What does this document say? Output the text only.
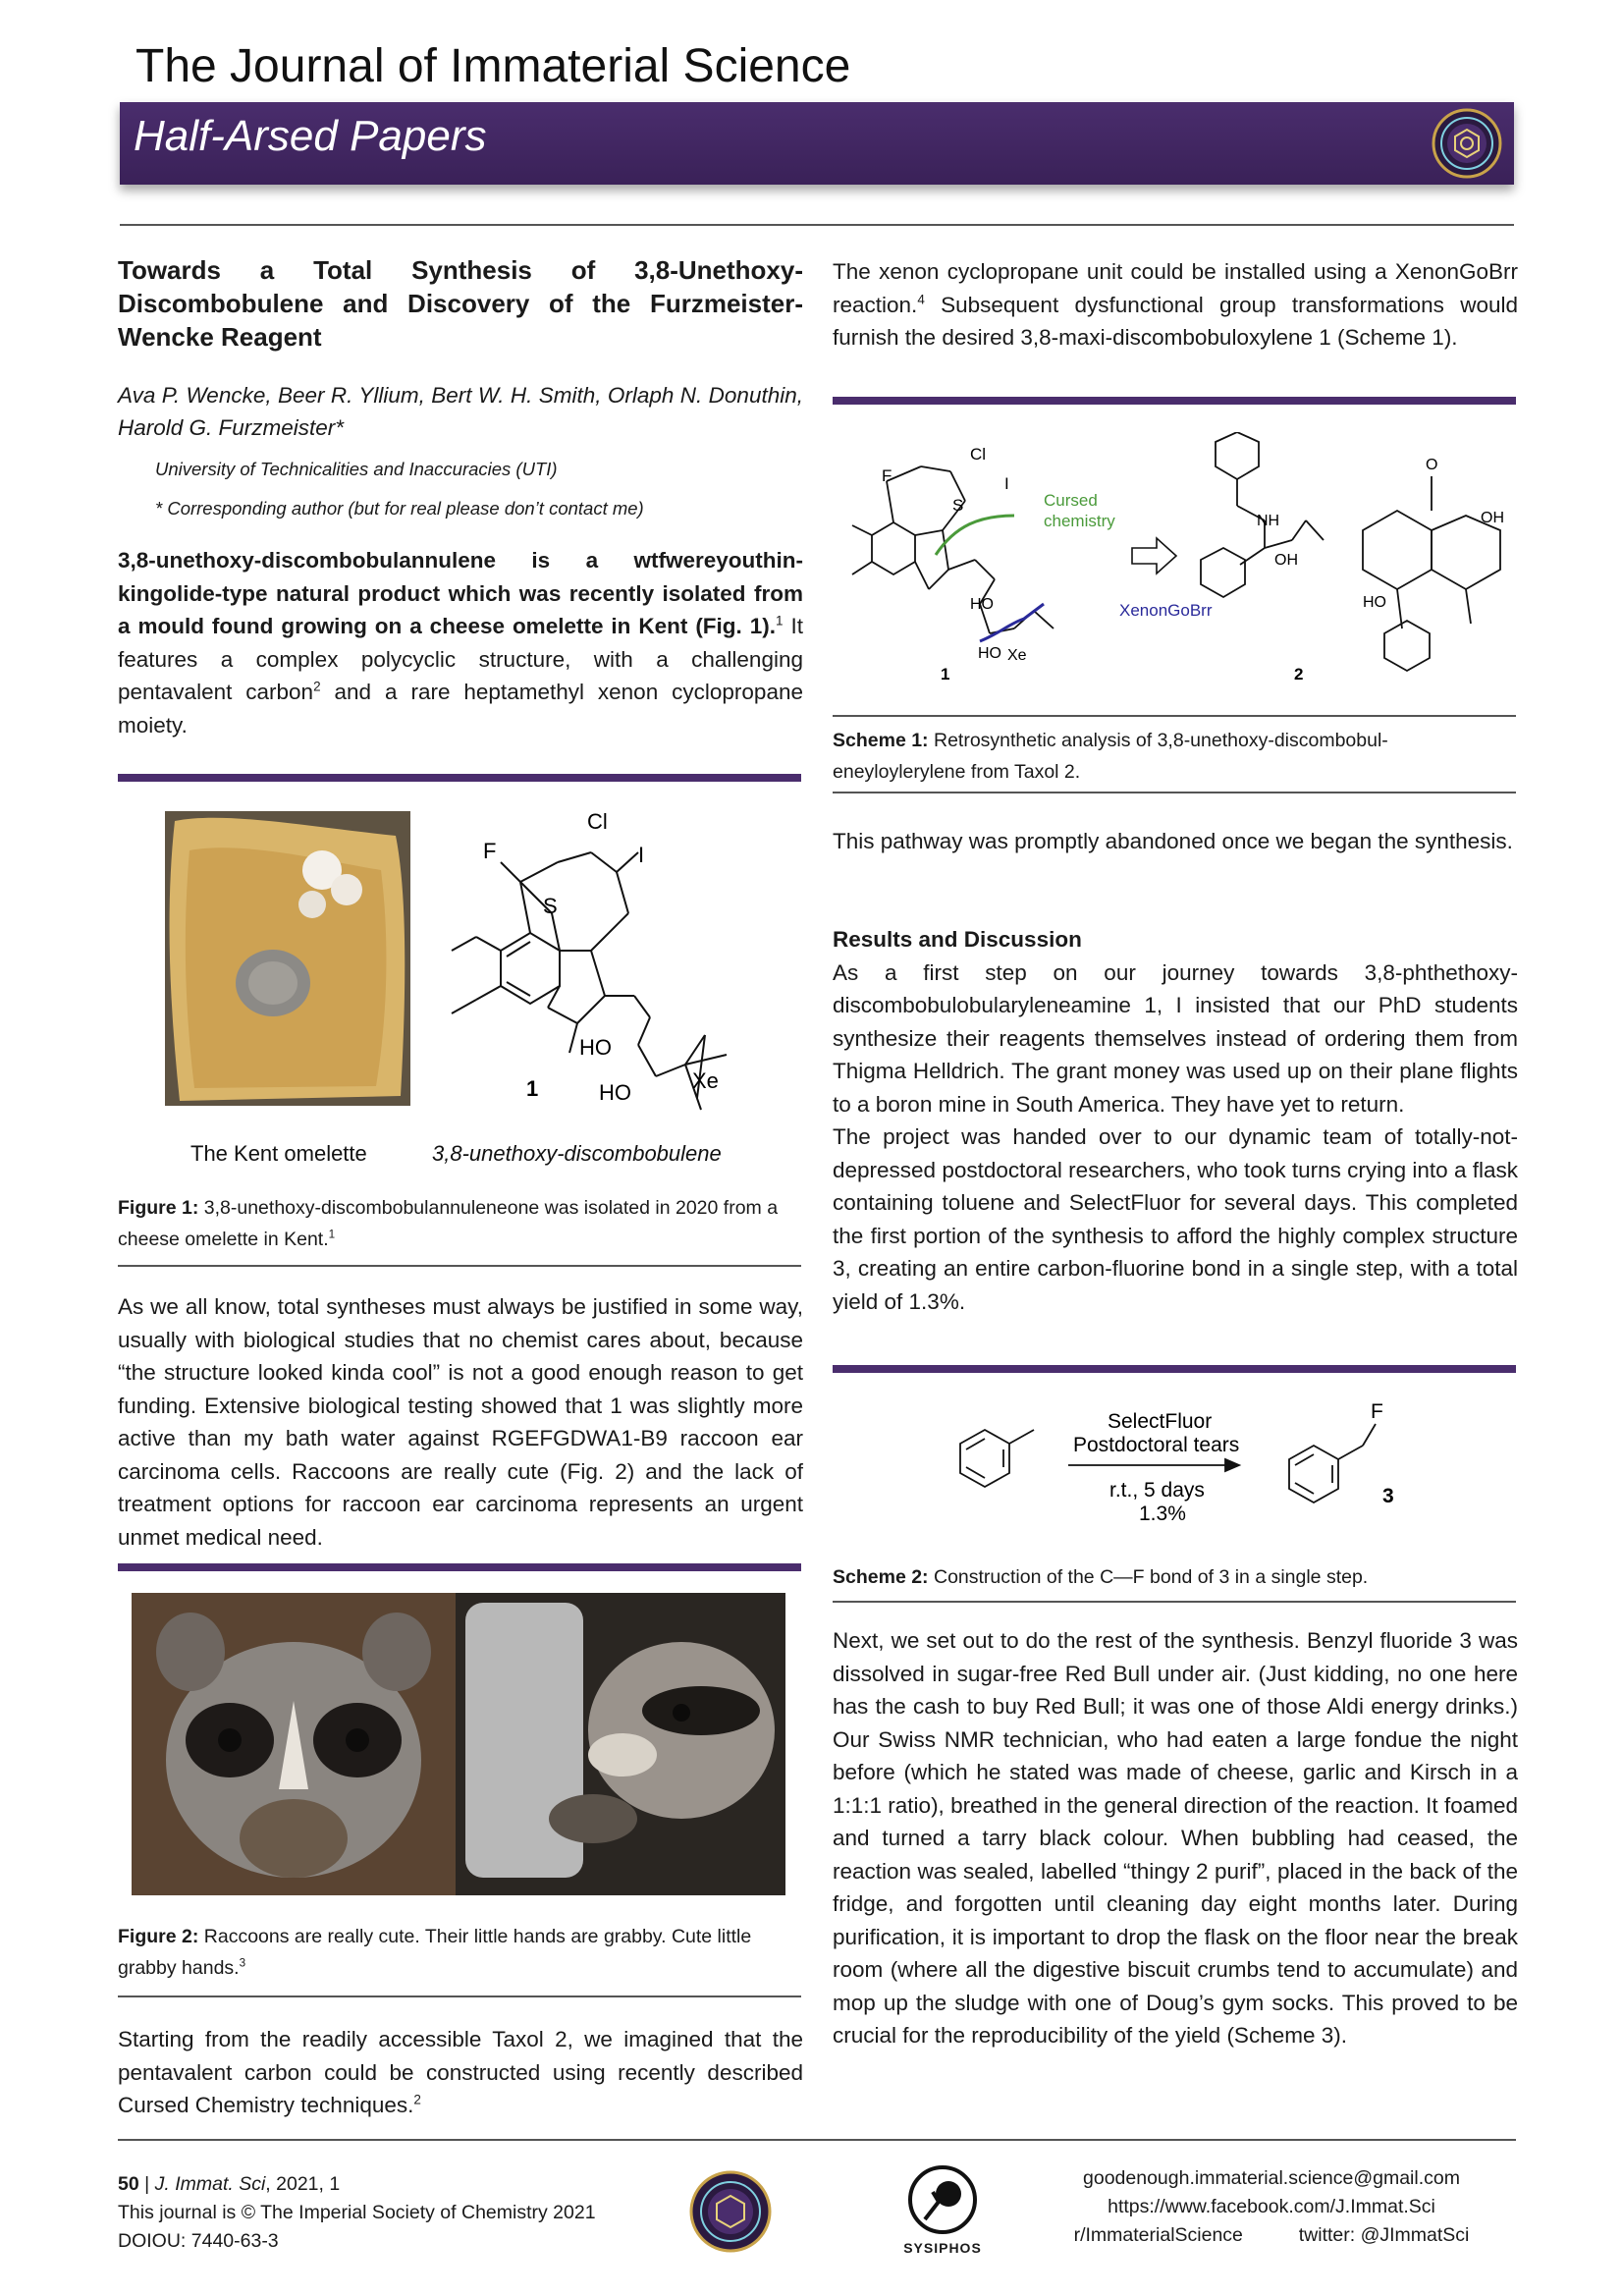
The Journal of Immaterial Science
Half-Arsed Papers
Towards a Total Synthesis of 3,8-Unethoxy-Discombobulene and Discovery of the Furzmeister-Wencke Reagent
Ava P. Wencke, Beer R. Yllium, Bert W. H. Smith, Orlaph N. Donuthin, Harold G. Furzmeister*
University of Technicalities and Inaccuracies (UTI)
* Corresponding author (but for real please don’t contact me)
3,8-unethoxy-discombobulannulene is a wtfwereyouthin-kingolide-type natural product which was recently isolated from a mould found growing on a cheese omelette in Kent (Fig. 1).$^1$ It features a complex polycyclic structure, with a challenging pentavalent carbon$^2$ and a rare heptamethyl xenon cyclopropane moiety.
Cl
F
S
I
HO
HO	Xe
1
The Kent omelette	3,8-unethoxy-discombobulene
Figure 1: 3,8-unethoxy-discombobulannuleneone was isolated in 2020 from a cheese omelette in Kent.$^1$
As we all know, total syntheses must always be justified in some way, usually with biological studies that no chemist cares about, because “the structure looked kinda cool” is not a good enough reason to get funding. Extensive biological testing showed that 1 was slightly more active than my bath water against RGEFGDWA1-B9 raccoon ear carcinoma cells. Raccoons are really cute (Fig. 2) and the lack of treatment options for raccoon ear carcinoma represents an urgent unmet medical need.
Figure 2: Raccoons are really cute. Their little hands are grabby. Cute little grabby hands.$^3$
Starting from the readily accessible Taxol 2, we imagined that the pentavalent carbon could be constructed using recently described Cursed Chemistry techniques.$^2$
The xenon cyclopropane unit could be installed using a XenonGoBrr reaction.$^4$ Subsequent dysfunctional group transformations would furnish the desired 3,8-maxi-discombobuloxylene 1 (Scheme 1).
Cursed
chemistry
XenonGoBrr
Cl
F
S
I
HO
HO Xe
1
NH
OH
OH
HO
O
2
Scheme 1: Retrosynthetic analysis of 3,8-unethoxy-discombobul-eneyloylerylene from Taxol 2.
This pathway was promptly abandoned once we began the synthesis.
Results and Discussion
As a first step on our journey towards 3,8-phthethoxy-discombobulobularyleneamine 1, I insisted that our PhD students synthesize their reagents themselves instead of ordering them from Thigma Helldrich. The grant money was used up on their plane flights to a boron mine in South America. They have yet to return.
The project was handed over to our dynamic team of totally-not-depressed postdoctoral researchers, who took turns crying into a flask containing toluene and SelectFluor for several days. This completed the first portion of the synthesis to afford the highly complex structure 3, creating an entire carbon-fluorine bond in a single step, with a total yield of 1.3%.
SelectFluor
Postdoctoral tears
r.t., 5 days
1.3%
F
3
Scheme 2: Construction of the C—F bond of 3 in a single step.
Next, we set out to do the rest of the synthesis. Benzyl fluoride 3 was dissolved in sugar-free Red Bull under air. (Just kidding, no one here has the cash to buy Red Bull; it was one of those Aldi energy drinks.) Our Swiss NMR technician, who had eaten a large fondue the night before (which he stated was made of cheese, garlic and Kirsch in a 1:1:1 ratio), breathed in the general direction of the reaction. It foamed and turned a tarry black colour. When bubbling had ceased, the reaction was sealed, labelled “thingy 2 purif”, placed in the back of the fridge, and forgotten until cleaning day eight months later. During purification, it is important to drop the flask on the floor near the break room (where all the digestive biscuit crumbs tend to accumulate) and mop up the sludge with one of Doug’s gym socks. This proved to be crucial for the reproducibility of the yield (Scheme 3).
50 | J. Immat. Sci, 2021, 1
This journal is © The Imperial Society of Chemistry 2021
DOIOU: 7440-63-3	SYSIPHOS
goodenough.immaterial.science@gmail.com
https://www.facebook.com/J.Immat.Sci
r/ImmaterialScience	twitter: @JImmatSci
